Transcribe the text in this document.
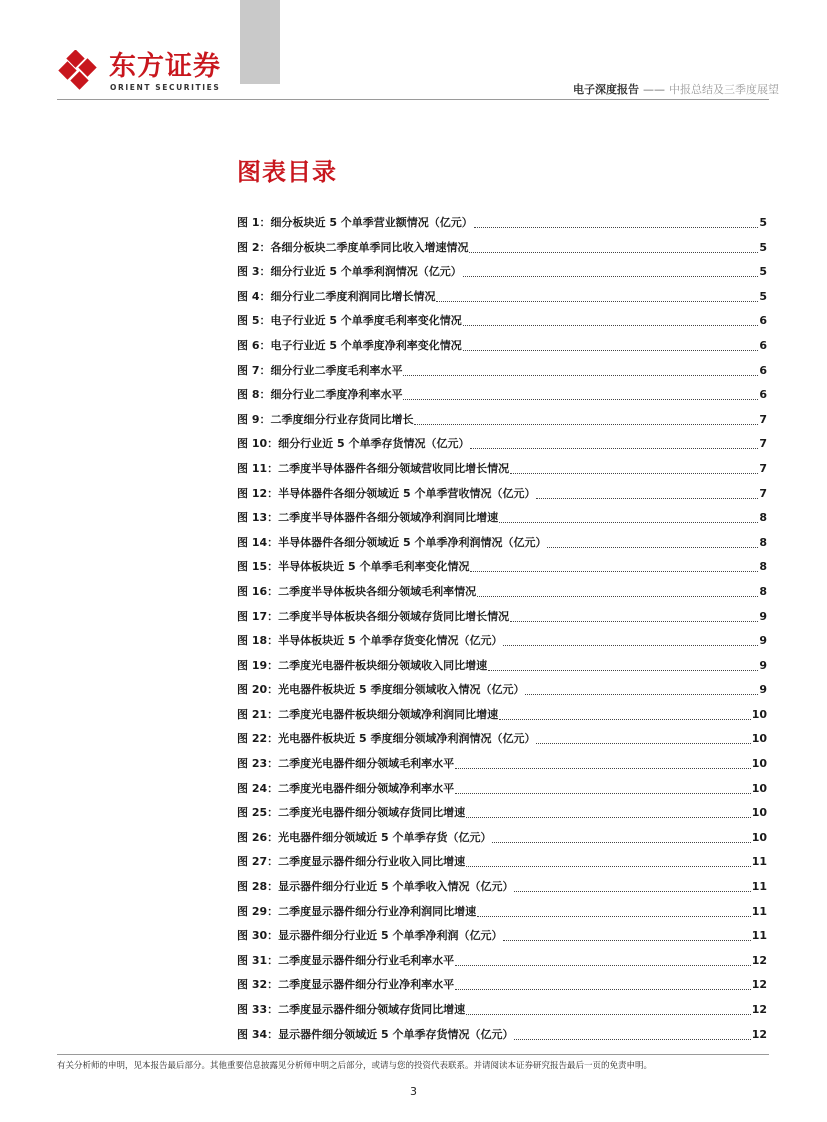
东方证券
ORIENT SECURITIES	电子深度报告 —— 中报总结及三季度展望
图表目录
图 1： 细分板块近 5 个单季营业额情况（亿元）	5
图 2： 各细分板块二季度单季同比收入增速情况	5
图 3： 细分行业近 5 个单季利润情况（亿元）	5
图 4： 细分行业二季度利润同比增长情况	5
图 5： 电子行业近 5 个单季度毛利率变化情况	6
图 6： 电子行业近 5 个单季度净利率变化情况	6
图 7： 细分行业二季度毛利率水平	6
图 8： 细分行业二季度净利率水平	6
图 9： 二季度细分行业存货同比增长	7
图 10： 细分行业近 5 个单季存货情况（亿元）	7
图 11： 二季度半导体器件各细分领域营收同比增长情况	7
图 12： 半导体器件各细分领域近 5 个单季营收情况（亿元）	7
图 13： 二季度半导体器件各细分领域净利润同比增速	8
图 14： 半导体器件各细分领域近 5 个单季净利润情况（亿元）	8
图 15： 半导体板块近 5 个单季毛利率变化情况	8
图 16： 二季度半导体板块各细分领域毛利率情况	8
图 17： 二季度半导体板块各细分领域存货同比增长情况	9
图 18： 半导体板块近 5 个单季存货变化情况（亿元）	9
图 19： 二季度光电器件板块细分领域收入同比增速	9
图 20： 光电器件板块近 5 季度细分领域收入情况（亿元）	9
图 21： 二季度光电器件板块细分领域净利润同比增速	10
图 22： 光电器件板块近 5 季度细分领域净利润情况（亿元）	10
图 23： 二季度光电器件细分领域毛利率水平	10
图 24： 二季度光电器件细分领域净利率水平	10
图 25： 二季度光电器件细分领域存货同比增速	10
图 26： 光电器件细分领域近 5 个单季存货（亿元）	10
图 27： 二季度显示器件细分行业收入同比增速	11
图 28： 显示器件细分行业近 5 个单季收入情况（亿元）	11
图 29： 二季度显示器件细分行业净利润同比增速	11
图 30： 显示器件细分行业近 5 个单季净利润（亿元）	11
图 31： 二季度显示器件细分行业毛利率水平	12
图 32： 二季度显示器件细分行业净利率水平	12
图 33： 二季度显示器件细分领域存货同比增速	12
图 34： 显示器件细分领域近 5 个单季存货情况（亿元）	12
有关分析师的申明，见本报告最后部分。其他重要信息披露见分析师申明之后部分，或请与您的投资代表联系。并请阅读本证券研究报告最后一页的免责申明。
3
